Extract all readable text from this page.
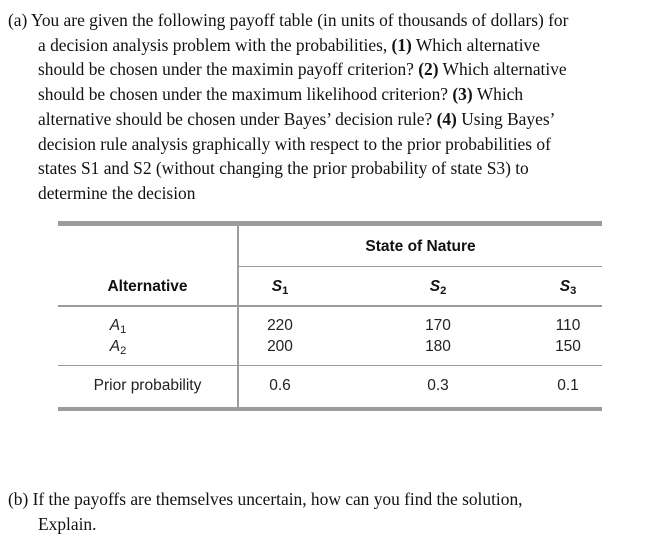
(a) You are given the following payoff table (in units of thousands of dollars) for
a decision analysis problem with the probabilities, (1) Which alternative
should be chosen under the maximin payoff criterion? (2) Which alternative
should be chosen under the maximum likelihood criterion? (3) Which
alternative should be chosen under Bayes’ decision rule? (4) Using Bayes’
decision rule analysis graphically with respect to the prior probabilities of
states S1 and S2 (without changing the prior probability of state S3) to
determine the decision
State of Nature
Alternative	$S_1$	$S_2$	$S_3$
$A_1$	220	170	110
$A_2$	200	180	150
Prior probability	0.6	0.3	0.1
(b) If the payoffs are themselves uncertain, how can you find the solution,
Explain.
